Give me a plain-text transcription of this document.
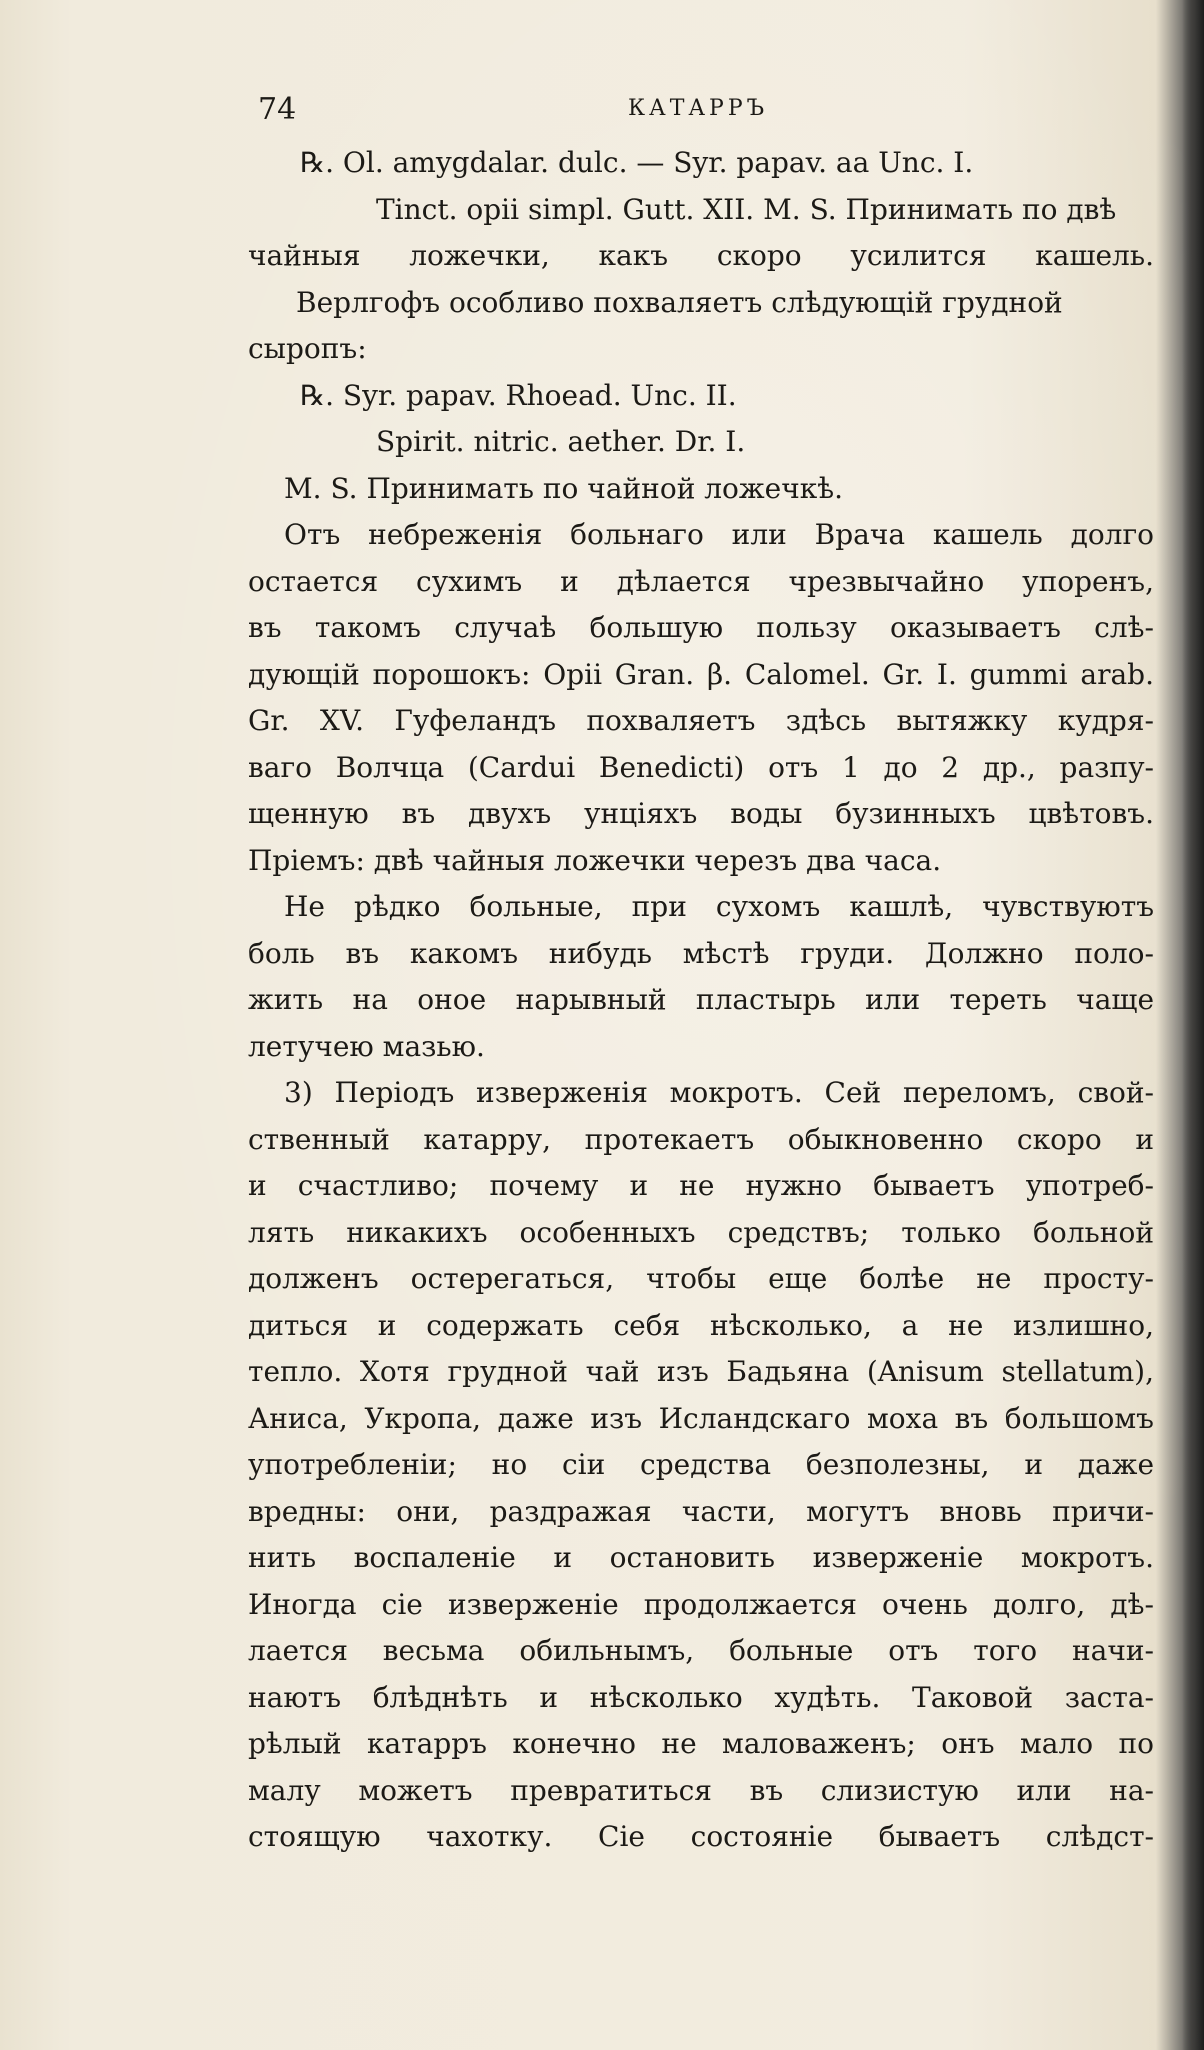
74	КАТАРРЪ
℞. Ol. amygdalar. dulc. — Syr. papav. aa Unc. I.
Tinct. opii simpl. Gutt. XII. M. S. Принимать по двѣ
чайныя ложечки, какъ скоро усилится кашель.
Верлгофъ особливо похваляетъ слѣдующій грудной
сыропъ:
℞. Syr. papav. Rhoead. Unc. II.
Spirit. nitric. aether. Dr. I.
M. S. Принимать по чайной ложечкѣ.
Отъ небреженія больнаго или Врача кашель долго
остается сухимъ и дѣлается чрезвычайно упоренъ,
въ такомъ случаѣ большую пользу оказываетъ слѣ-
дующій порошокъ: Opii Gran. β. Calomel. Gr. I. gummi arab.
Gr. XV. Гуфеландъ похваляетъ здѣсь вытяжку кудря-
ваго Волчца (Cardui Benedicti) отъ 1 до 2 др., разпу-
щенную въ двухъ унціяхъ воды бузинныхъ цвѣтовъ.
Пріемъ: двѣ чайныя ложечки черезъ два часа.
Не рѣдко больные, при сухомъ кашлѣ, чувствуютъ
боль въ какомъ нибудь мѣстѣ груди. Должно поло-
жить на оное нарывный пластырь или тереть чаще
летучею мазью.
3) Періодъ изверженія мокротъ. Сей переломъ, свой-
ственный катарру, протекаетъ обыкновенно скоро и
и счастливо; почему и не нужно бываетъ употреб-
лять никакихъ особенныхъ средствъ; только больной
долженъ остерегаться, чтобы еще болѣе не просту-
диться и содержать себя нѣсколько, а не излишно,
тепло. Хотя грудной чай изъ Бадьяна (Anisum stellatum),
Аниса, Укропа, даже изъ Исландскаго моха въ большомъ
употребленіи; но сіи средства безполезны, и даже
вредны: они, раздражая части, могутъ вновь причи-
нить воспаленіе и остановить изверженіе мокротъ.
Иногда сіе изверженіе продолжается очень долго, дѣ-
лается весьма обильнымъ, больные отъ того начи-
наютъ блѣднѣть и нѣсколько худѣть. Таковой заста-
рѣлый катарръ конечно не маловаженъ; онъ мало по
малу можетъ превратиться въ слизистую или на-
стоящую чахотку. Сіе состояніе бываетъ слѣдст-
